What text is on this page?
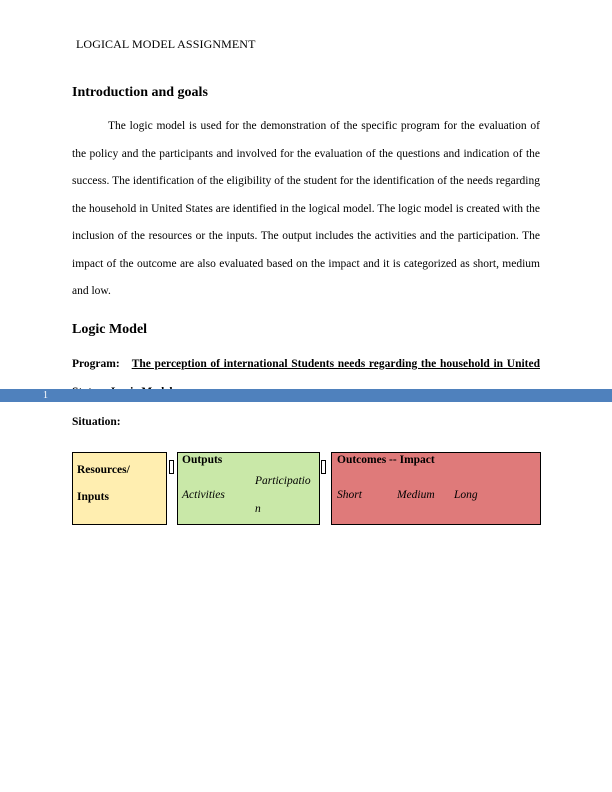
LOGICAL MODEL ASSIGNMENT
Introduction and goals
The logic model is used for the demonstration of the specific program for the evaluation of the policy and the participants and involved for the evaluation of the questions and indication of the success. The identification of the eligibility of the student for the identification of the needs regarding the household in United States are identified in the logical model. The logic model is created with the inclusion of the resources or the inputs. The output includes the activities and the participation. The impact of the outcome are also evaluated based on the impact and it is categorized as short, medium and low.
Logic Model
Program: The perception of international Students needs regarding the household in United
1
Situation:
Resources/
Inputs
Outputs
Activities
Participatio
n
Outcomes -- Impact
Short	Medium Long
